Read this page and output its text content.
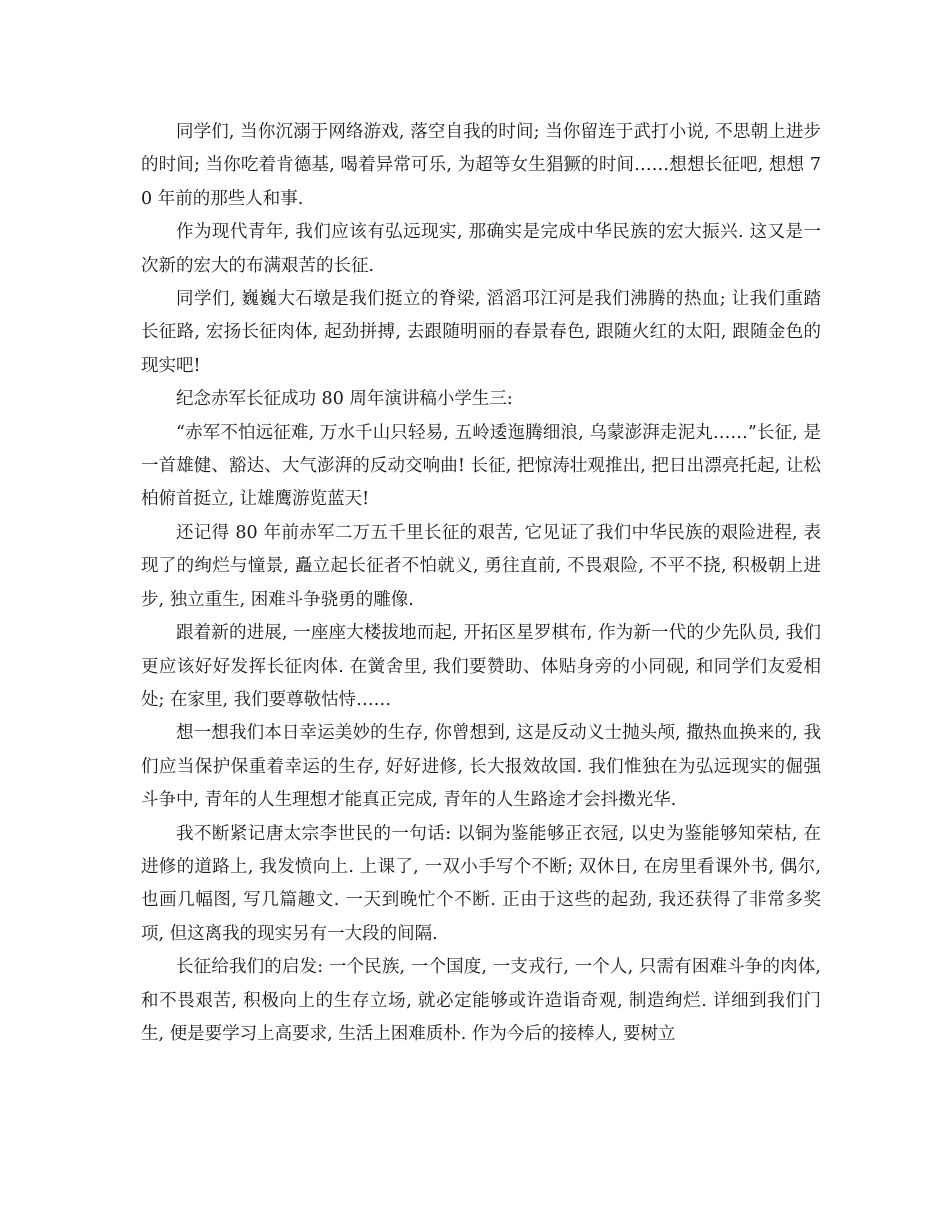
同学们, 当你沉溺于网络游戏, 落空自我的时间; 当你留连于武打小说, 不思朝上进步的时间; 当你吃着肯德基, 喝着异常可乐, 为超等女生猖獗的时间……想想长征吧, 想想 70 年前的那些人和事.

作为现代青年, 我们应该有弘远现实, 那确实是完成中华民族的宏大振兴. 这又是一次新的宏大的布满艰苦的长征.

同学们, 巍巍大石墩是我们挺立的脊梁, 滔滔邛江河是我们沸腾的热血; 让我们重踏长征路, 宏扬长征肉体, 起劲拼搏, 去跟随明丽的春景春色, 跟随火红的太阳, 跟随金色的现实吧!

纪念赤军长征成功 80 周年演讲稿小学生三:

“赤军不怕远征难, 万水千山只轻易, 五岭逶迤腾细浪, 乌蒙澎湃走泥丸……”长征, 是一首雄健、豁达、大气澎湃的反动交响曲! 长征, 把惊涛壮观推出, 把日出漂亮托起, 让松柏俯首挺立, 让雄鹰游览蓝天!

还记得 80 年前赤军二万五千里长征的艰苦, 它见证了我们中华民族的艰险进程, 表现了的绚烂与憧景, 矗立起长征者不怕就义, 勇往直前, 不畏艰险, 不平不挠, 积极朝上进步, 独立重生, 困难斗争骁勇的雕像.

跟着新的进展, 一座座大楼拔地而起, 开拓区星罗棋布, 作为新一代的少先队员, 我们更应该好好发挥长征肉体. 在黉舍里, 我们要赞助、体贴身旁的小同砚, 和同学们友爱相处; 在家里, 我们要尊敬怙恃……

想一想我们本日幸运美妙的生存, 你曾想到, 这是反动义士抛头颅, 撒热血换来的, 我们应当保护保重着幸运的生存, 好好进修, 长大报效故国. 我们惟独在为弘远现实的倔强斗争中, 青年的人生理想才能真正完成, 青年的人生路途才会抖擞光华.

我不断紧记唐太宗李世民的一句话: 以铜为鉴能够正衣冠, 以史为鉴能够知荣枯, 在进修的道路上, 我发愤向上. 上课了, 一双小手写个不断; 双休日, 在房里看课外书, 偶尔, 也画几幅图, 写几篇趣文. 一天到晚忙个不断. 正由于这些的起劲, 我还获得了非常多奖项, 但这离我的现实另有一大段的间隔.

长征给我们的启发: 一个民族, 一个国度, 一支戎行, 一个人, 只需有困难斗争的肉体, 和不畏艰苦, 积极向上的生存立场, 就必定能够或许造诣奇观, 制造绚烂. 详细到我们门生, 便是要学习上高要求, 生活上困难质朴. 作为今后的接棒人, 要树立
